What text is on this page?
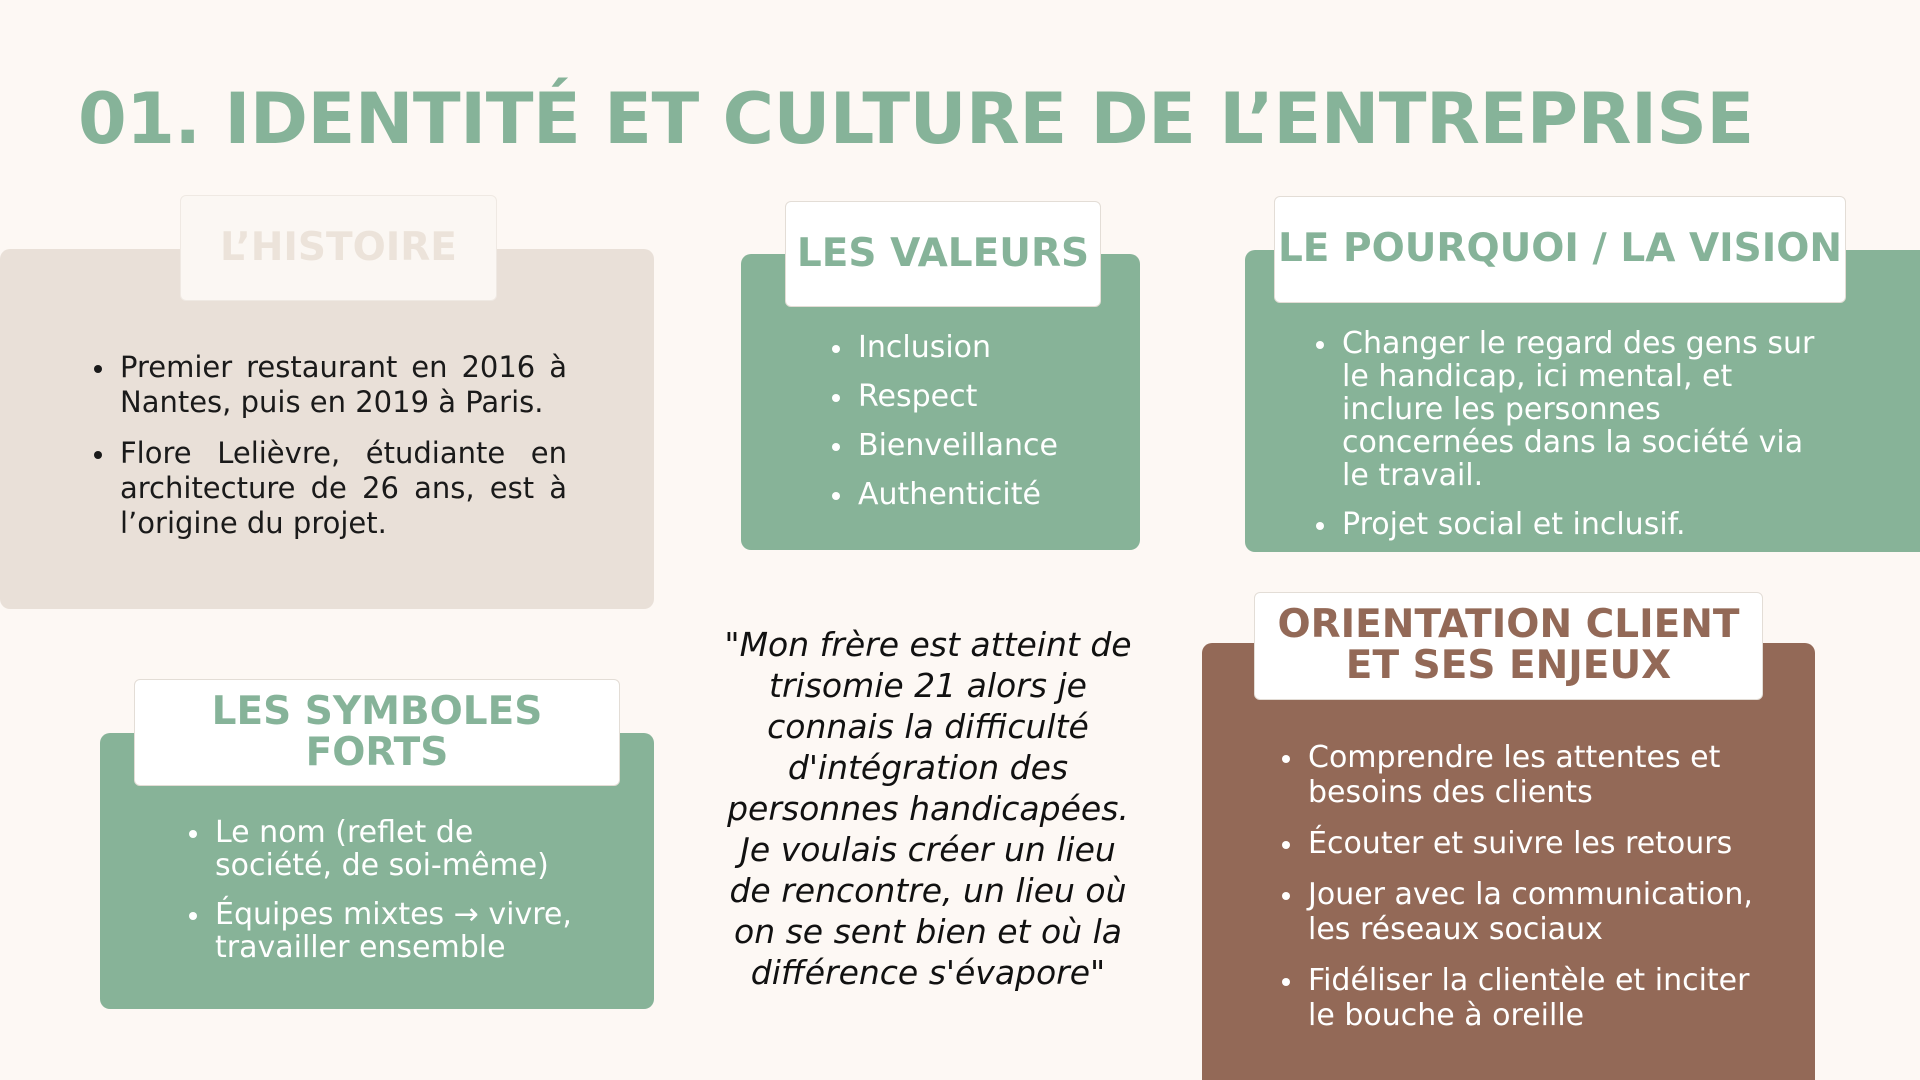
01. IDENTITÉ ET CULTURE DE L’ENTREPRISE
L’HISTOIRE
Premier restaurant en 2016 à Nantes, puis en 2019 à Paris.
Flore Lelièvre, étudiante en architecture de 26 ans, est à l’origine du projet.
LES VALEURS
Inclusion
Respect
Bienveillance
Authenticité
LE POURQUOI / LA VISION
Changer le regard des gens sur le handicap, ici mental, et inclure les personnes concernées dans la société via le travail.
Projet social et inclusif.
LES SYMBOLES FORTS
Le nom (reflet de société, de soi-même)
Équipes mixtes → vivre, travailler ensemble

"Mon frère est atteint de trisomie 21 alors je connais la difficulté d'intégration des personnes handicapées. Je voulais créer un lieu de rencontre, un lieu où on se sent bien et où la différence s'évapore"

ORIENTATION CLIENT
ET SES ENJEUX
Comprendre les attentes et besoins des clients
Écouter et suivre les retours
Jouer avec la communication, les réseaux sociaux
Fidéliser la clientèle et inciter le bouche à oreille
